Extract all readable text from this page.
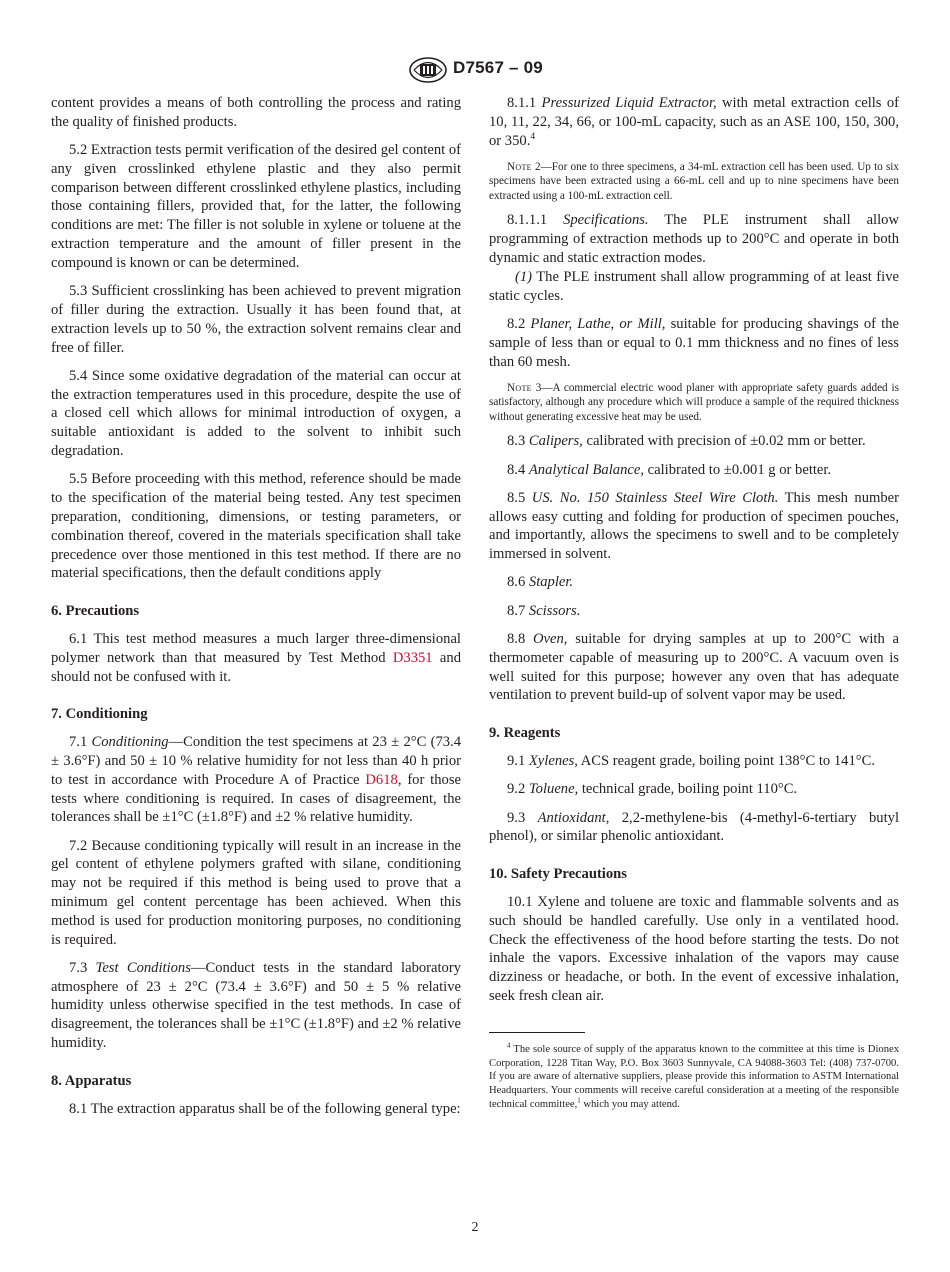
D7567 – 09

content provides a means of both controlling the process and rating the quality of finished products.

5.2 Extraction tests permit verification of the desired gel content of any given crosslinked ethylene plastic and they also permit comparison between different crosslinked ethylene plastics, including those containing fillers, provided that, for the latter, the following conditions are met: The filler is not soluble in xylene or toluene at the extraction temperature and the amount of filler present in the compound is known or can be determined.

5.3 Sufficient crosslinking has been achieved to prevent migration of filler during the extraction. Usually it has been found that, at extraction levels up to 50 %, the extraction solvent remains clear and free of filler.

5.4 Since some oxidative degradation of the material can occur at the extraction temperatures used in this procedure, despite the use of a closed cell which allows for minimal introduction of oxygen, a suitable antioxidant is added to the solvent to inhibit such degradation.

5.5 Before proceeding with this method, reference should be made to the specification of the material being tested. Any test specimen preparation, conditioning, dimensions, or testing parameters, or combination thereof, covered in the materials specification shall take precedence over those mentioned in this test method. If there are no material specifications, then the default conditions apply

6. Precautions

6.1 This test method measures a much larger three-dimensional polymer network than that measured by Test Method D3351 and should not be confused with it.

7. Conditioning

7.1 Conditioning—Condition the test specimens at 23 ± 2°C (73.4 ± 3.6°F) and 50 ± 10 % relative humidity for not less than 40 h prior to test in accordance with Procedure A of Practice D618, for those tests where conditioning is required. In cases of disagreement, the tolerances shall be ±1°C (±1.8°F) and ±2 % relative humidity.

7.2 Because conditioning typically will result in an increase in the gel content of ethylene polymers grafted with silane, conditioning may not be required if this method is being used to prove that a minimum gel content percentage has been achieved. When this method is used for production monitoring purposes, no conditioning is required.

7.3 Test Conditions—Conduct tests in the standard laboratory atmosphere of 23 ± 2°C (73.4 ± 3.6°F) and 50 ± 5 % relative humidity unless otherwise specified in the test methods. In case of disagreement, the tolerances shall be ±1°C (±1.8°F) and ±2 % relative humidity.

8. Apparatus

8.1 The extraction apparatus shall be of the following general type:

8.1.1 Pressurized Liquid Extractor, with metal extraction cells of 10, 11, 22, 34, 66, or 100-mL capacity, such as an ASE 100, 150, 300, or 350.$^4$

Note 2—For one to three specimens, a 34-mL extraction cell has been used. Up to six specimens have been extracted using a 66-mL cell and up to nine specimens have been extracted using a 100-mL extraction cell.

8.1.1.1 Specifications. The PLE instrument shall allow programming of extraction methods up to 200°C and operate in both dynamic and static extraction modes.

(1) The PLE instrument shall allow programming of at least five static cycles.

8.2 Planer, Lathe, or Mill, suitable for producing shavings of the sample of less than or equal to 0.1 mm thickness and no fines of less than 60 mesh.

Note 3—A commercial electric wood planer with appropriate safety guards added is satisfactory, although any procedure which will produce a sample of the required thickness without generating excessive heat may be used.

8.3 Calipers, calibrated with precision of ±0.02 mm or better.

8.4 Analytical Balance, calibrated to ±0.001 g or better.

8.5 US. No. 150 Stainless Steel Wire Cloth. This mesh number allows easy cutting and folding for production of specimen pouches, and importantly, allows the specimens to swell and to be completely immersed in solvent.

8.6 Stapler.

8.7 Scissors.

8.8 Oven, suitable for drying samples at up to 200°C with a thermometer capable of measuring up to 200°C. A vacuum oven is well suited for this purpose; however any oven that has adequate ventilation to prevent build-up of solvent vapor may be used.

9. Reagents

9.1 Xylenes, ACS reagent grade, boiling point 138°C to 141°C.

9.2 Toluene, technical grade, boiling point 110°C.

9.3 Antioxidant, 2,2-methylene-bis (4-methyl-6-tertiary butyl phenol), or similar phenolic antioxidant.

10. Safety Precautions

10.1 Xylene and toluene are toxic and flammable solvents and as such should be handled carefully. Use only in a ventilated hood. Check the effectiveness of the hood before starting the tests. Do not inhale the vapors. Excessive inhalation of the vapors may cause dizziness or headache, or both. In the event of excessive inhalation, seek fresh clean air.

$^4$ The sole source of supply of the apparatus known to the committee at this time is Dionex Corporation, 1228 Titan Way, P.O. Box 3603 Sunnyvale, CA 94088-3603 Tel: (408) 737-0700. If you are aware of alternative suppliers, please provide this information to ASTM International Headquarters. Your comments will receive careful consideration at a meeting of the responsible technical committee,$^1$ which you may attend.

2
